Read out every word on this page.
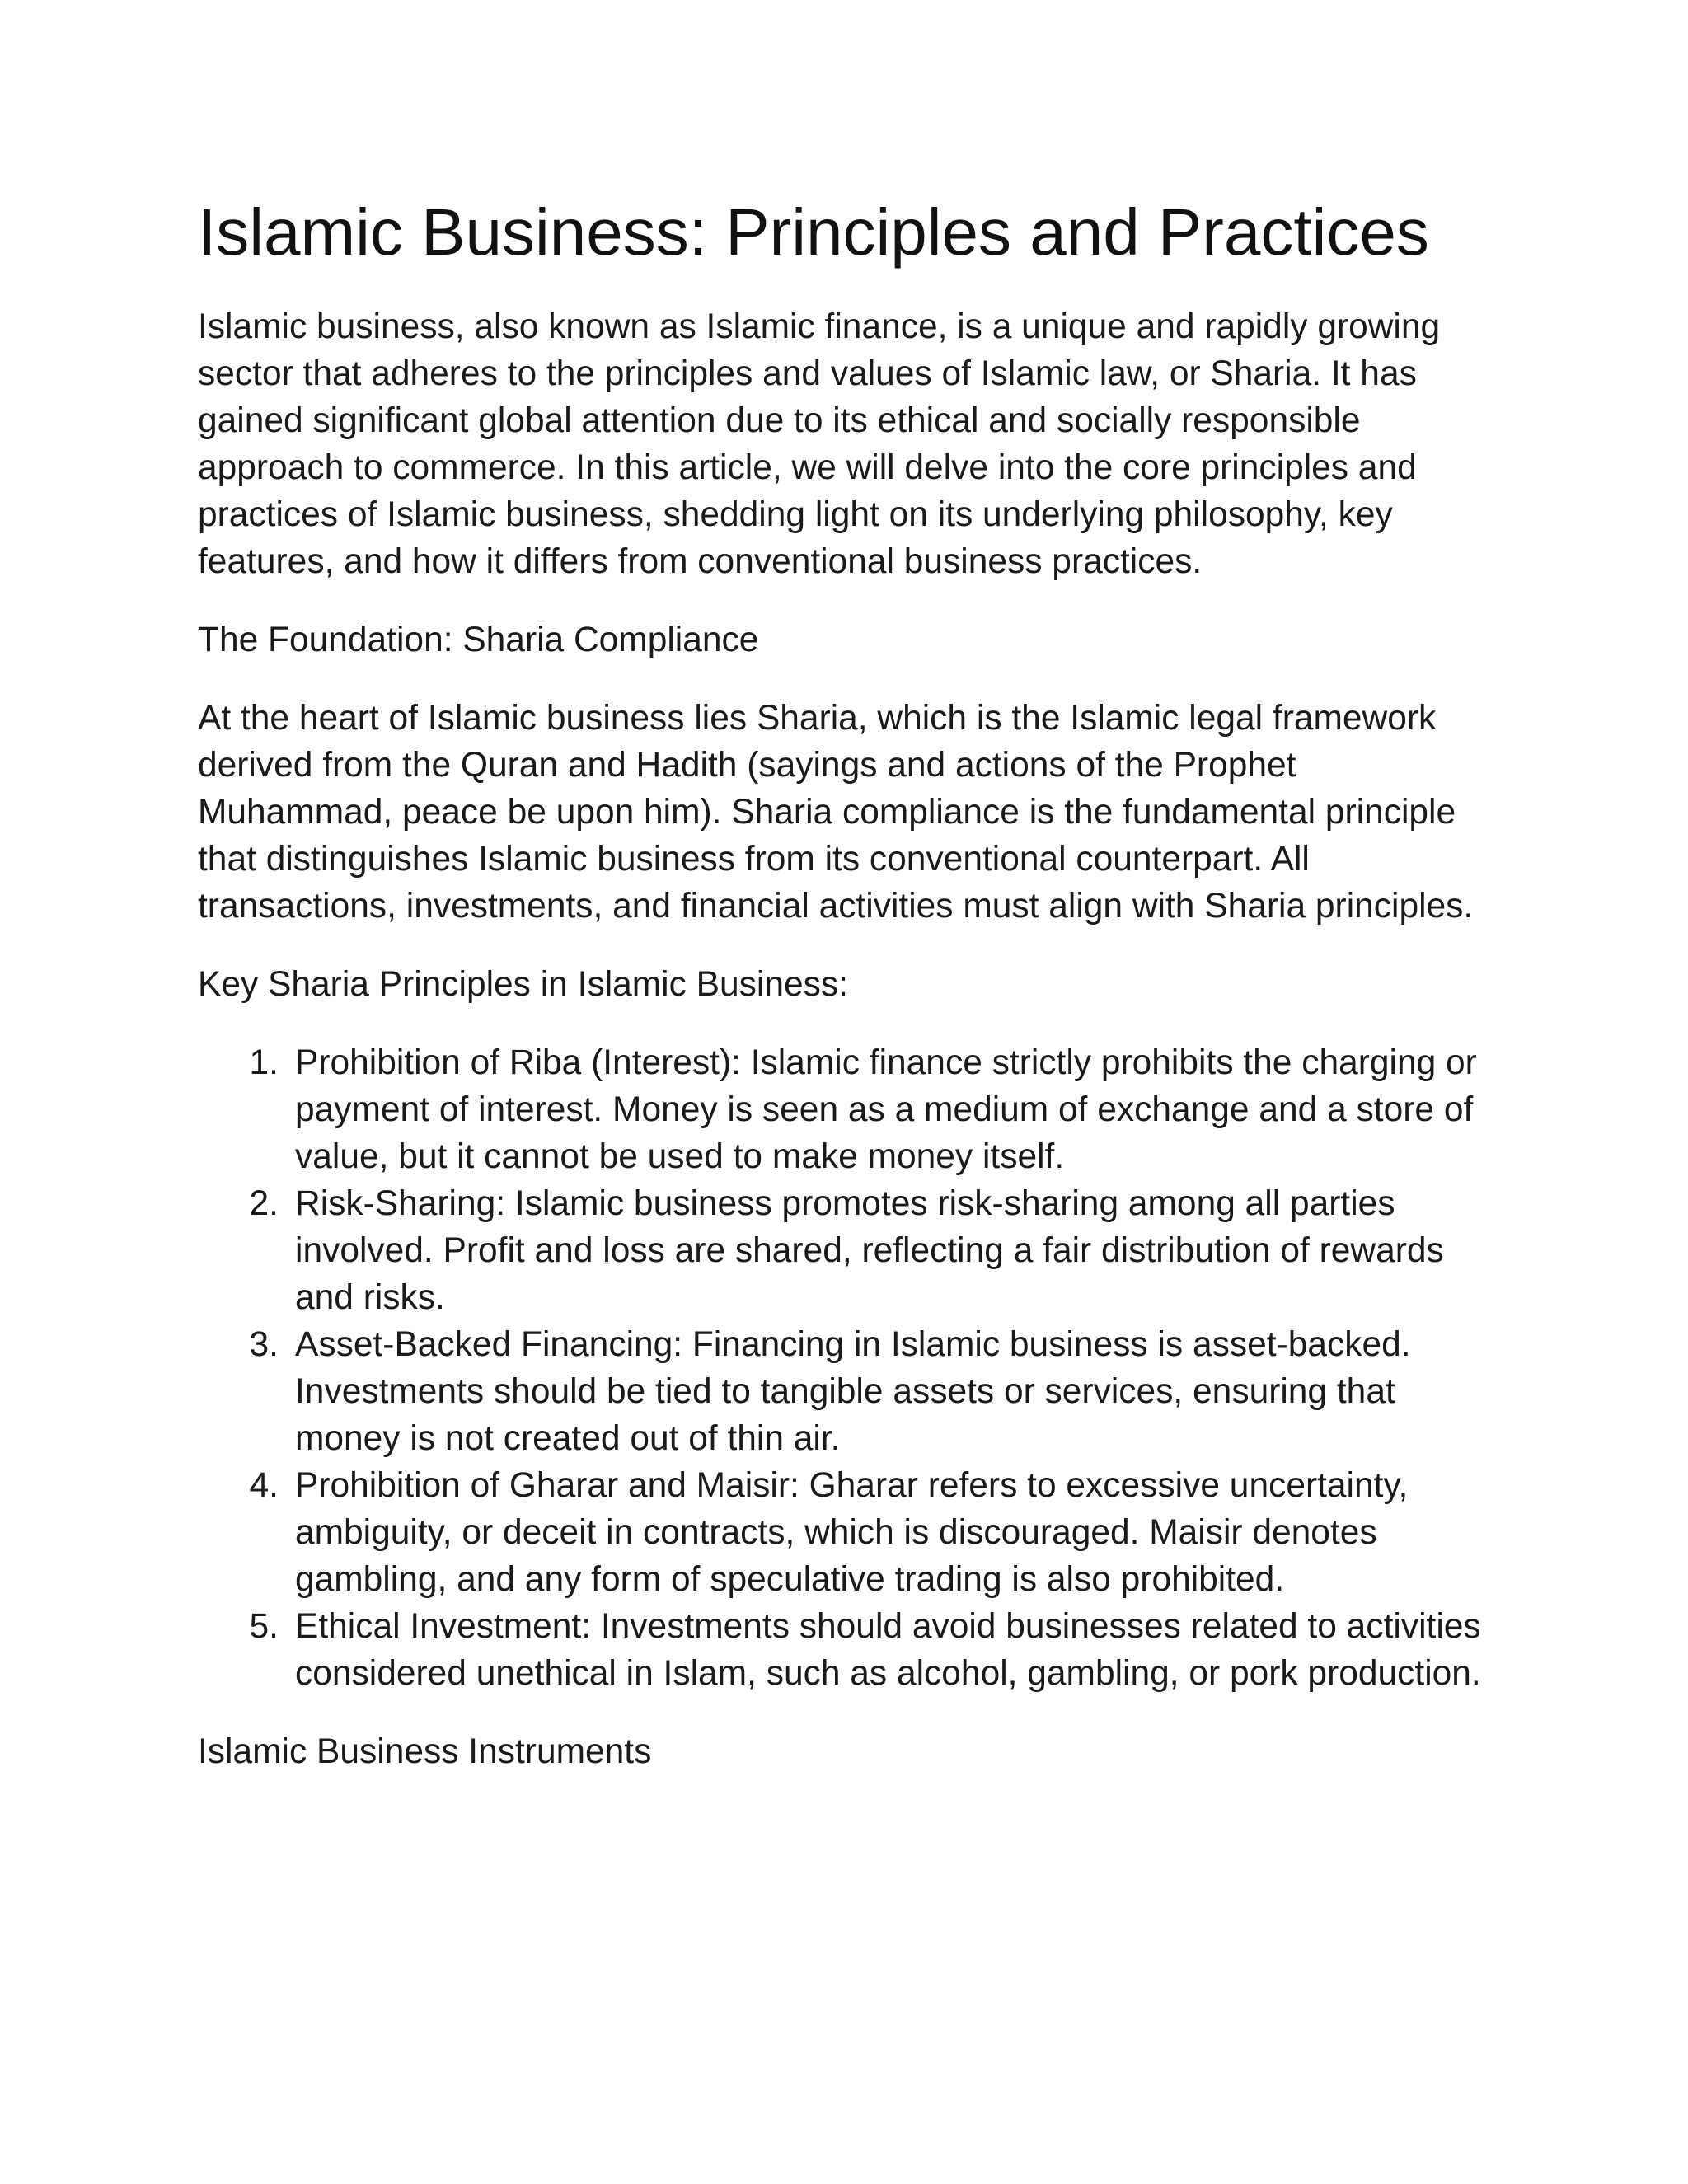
Islamic Business: Principles and Practices

Islamic business, also known as Islamic finance, is a unique and rapidly growing sector that adheres to the principles and values of Islamic law, or Sharia. It has gained significant global attention due to its ethical and socially responsible approach to commerce. In this article, we will delve into the core principles and practices of Islamic business, shedding light on its underlying philosophy, key features, and how it differs from conventional business practices.

The Foundation: Sharia Compliance

At the heart of Islamic business lies Sharia, which is the Islamic legal framework derived from the Quran and Hadith (sayings and actions of the Prophet Muhammad, peace be upon him). Sharia compliance is the fundamental principle that distinguishes Islamic business from its conventional counterpart. All transactions, investments, and financial activities must align with Sharia principles.

Key Sharia Principles in Islamic Business:

1. Prohibition of Riba (Interest): Islamic finance strictly prohibits the charging or payment of interest. Money is seen as a medium of exchange and a store of value, but it cannot be used to make money itself.
2. Risk-Sharing: Islamic business promotes risk-sharing among all parties involved. Profit and loss are shared, reflecting a fair distribution of rewards and risks.
3. Asset-Backed Financing: Financing in Islamic business is asset-backed. Investments should be tied to tangible assets or services, ensuring that money is not created out of thin air.
4. Prohibition of Gharar and Maisir: Gharar refers to excessive uncertainty, ambiguity, or deceit in contracts, which is discouraged. Maisir denotes gambling, and any form of speculative trading is also prohibited.
5. Ethical Investment: Investments should avoid businesses related to activities considered unethical in Islam, such as alcohol, gambling, or pork production.

Islamic Business Instruments
